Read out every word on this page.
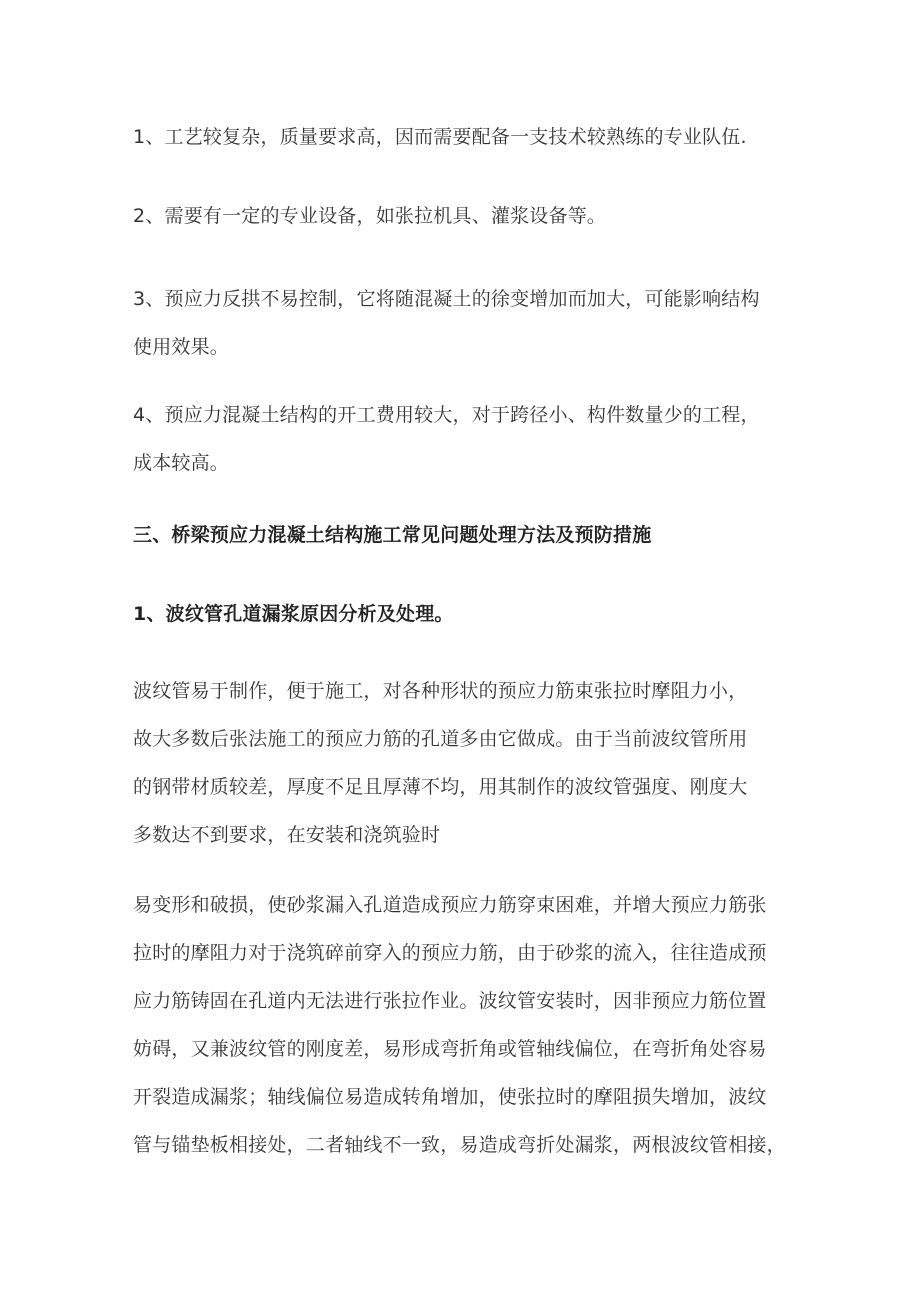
1、工艺较复杂，质量要求高，因而需要配备一支技术较熟练的专业队伍.
2、需要有一定的专业设备，如张拉机具、灌浆设备等。
3、预应力反拱不易控制，它将随混凝土的徐变增加而加大，可能影响结构
使用效果。
4、预应力混凝土结构的开工费用较大，对于跨径小、构件数量少的工程，
成本较高。
三、桥梁预应力混凝土结构施工常见问题处理方法及预防措施
1、波纹管孔道漏浆原因分析及处理。
波纹管易于制作，便于施工，对各种形状的预应力筋束张拉时摩阻力小，
故大多数后张法施工的预应力筋的孔道多由它做成。由于当前波纹管所用
的钢带材质较差，厚度不足且厚薄不均，用其制作的波纹管强度、刚度大
多数达不到要求，在安装和浇筑验时
易变形和破损，使砂浆漏入孔道造成预应力筋穿束困难，并增大预应力筋张
拉时的摩阻力对于浇筑碎前穿入的预应力筋，由于砂浆的流入，往往造成预
应力筋铸固在孔道内无法进行张拉作业。波纹管安装时，因非预应力筋位置
妨碍，又兼波纹管的刚度差，易形成弯折角或管轴线偏位，在弯折角处容易
开裂造成漏浆；轴线偏位易造成转角增加，使张拉时的摩阻损失增加，波纹
管与锚垫板相接处，二者轴线不一致，易造成弯折处漏浆，两根波纹管相接，
